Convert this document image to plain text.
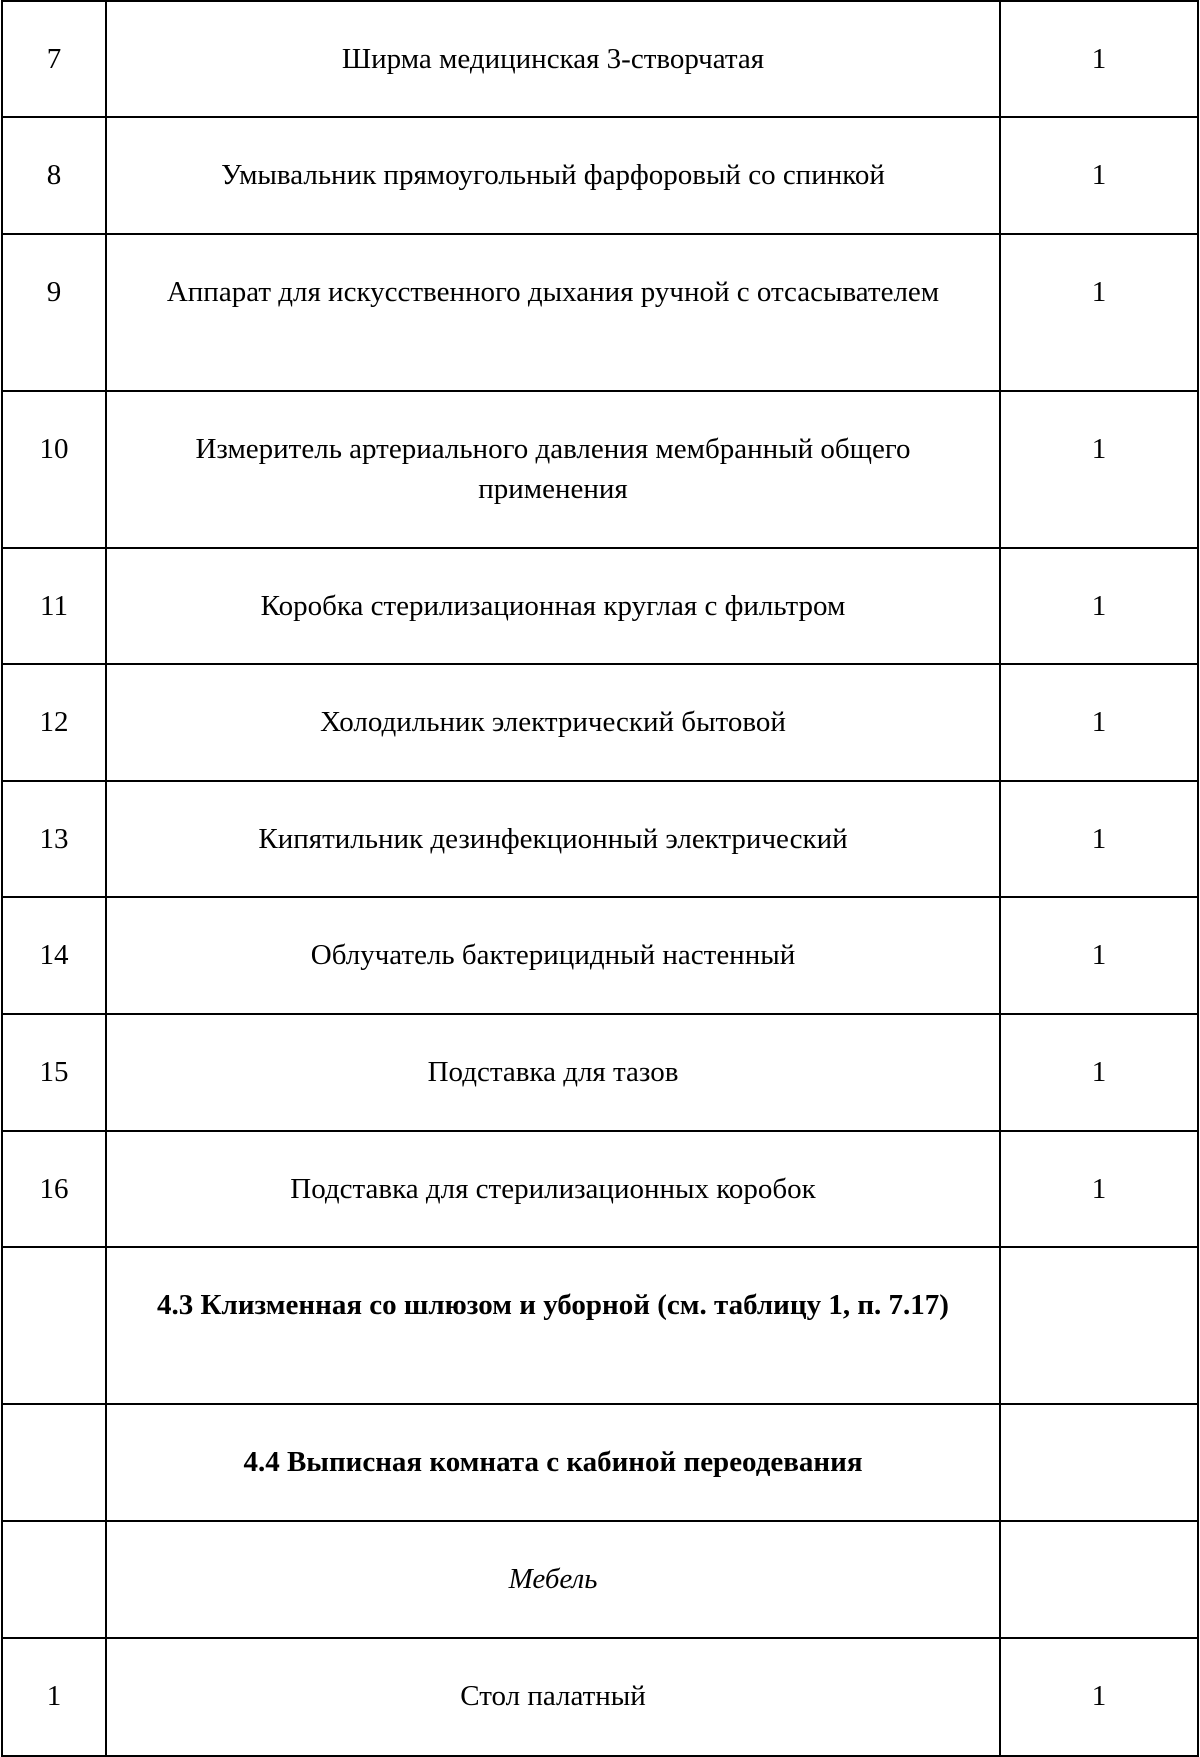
7	Ширма медицинская 3-створчатая	1
8	Умывальник прямоугольный фарфоровый со спинкой	1
9	Аппарат для искусственного дыхания ручной с отсасывателем	1
10	Измеритель артериального давления мембранный общего применения	1
11	Коробка стерилизационная круглая с фильтром	1
12	Холодильник электрический бытовой	1
13	Кипятильник дезинфекционный электрический	1
14	Облучатель бактерицидный настенный	1
15	Подставка для тазов	1
16	Подставка для стерилизационных коробок	1
	4.3 Клизменная со шлюзом и уборной (см. таблицу 1, п. 7.17)	
	4.4 Выписная комната с кабиной переодевания	
	Мебель	
1	Стол палатный	1
